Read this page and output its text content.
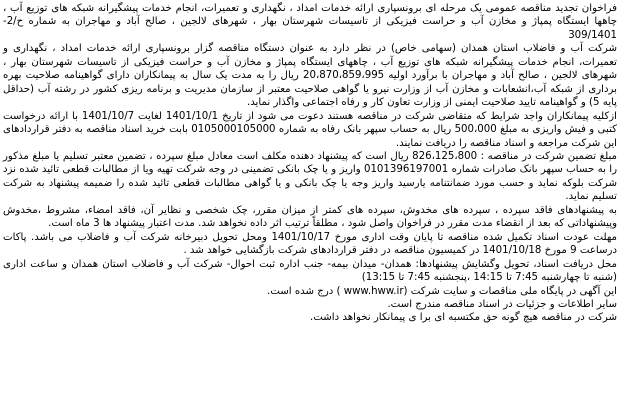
فراخوان تجدید مناقصه عمومی یک مرحله ای برونسپاری ارائه خدمات امداد ، نگهداری و تعمیرات، انجام خدمات پیشگیرانه شبکه های توزیع آب ، چاهها ایستگاه پمپاژ و مخازن آب و حراست فیزیکی از تاسیسات شهرستان بهار ، شهرهای لالجین ، صالح آباد و مهاجران به شماره ح/2-309/1401

شرکت آب و فاضلاب استان همدان (سهامی خاص) در نظر دارد به عنوان دستگاه مناقصه گزار برونسپاری ارائه خدمات امداد ، نگهداری و تعمیرات، انجام خدمات پیشگیرانه شبکه های توزیع آب ، چاههای ایستگاه پمپاژ و مخازن آب و حراست فیزیکی از تاسیسات شهرستان بهار ، شهرهای لالجین ، صالح آباد و مهاجران با برآورد اولیه 20،870،859،995 ریال را به مدت یک سال به پیمانکاران دارای گواهینامه صلاحیت بهره برداری از شبکه آب،انشعابات و مخازن آب از وزارت نیرو یا گواهی صلاحیت معتبر از سازمان مدیریت و برنامه ریزی کشور در رشته آب (حداقل پایه 5) و گواهینامه تایید صلاحیت ایمنی از وزارت تعاون کار و رفاه اجتماعی واگذار نماید.

ازکلیه پیمانکاران واجد شرایط که متقاضی شرکت در مناقصه هستند دعوت می شود از تاریخ 1401/10/1 لغایت 1401/10/7 با ارائه درخواست کتبی و فیش واریزی به مبلغ 500،000 ریال به حساب سپهر بانک رفاه به شماره 0105000105000 بابت خرید اسناد مناقصه به دفتر قراردادهای این شرکت مراجعه و اسناد مناقصه را دریافت نمایند.

مبلغ تضمین شرکت در مناقصه : 826،125،800 ریال است که پیشنهاد دهنده مکلف است معادل مبلغ سپرده ، تضمین معتبر تسلیم یا مبلغ مذکور را به حساب سپهر بانک صادرات شماره 0101396197001 واریز و یا چک بانکی تضمینی در وجه شرکت تهیه ویا از مطالبات قطعی تائید شده نزد شرکت بلوکه نماید و حسب مورد ضمانتنامه یارسید واریز وجه یا چک بانکی و یا گواهی مطالبات قطعی تائید شده را ضمیمه پیشنهاد به شرکت تسلیم نماید.

به پیشنهادهای فاقد سپرده ، سپرده های مخدوش، سپرده های کمتر از میزان مقرر، چک شخصی و نظایر آن، فاقد امضاء، مشروط ،مخدوش وپیشنهاداتی که بعد از انقضاء مدت مقرر در فراخوان واصل شود ، مطلقاً ترتیب اثر داده نخواهد شد. مدت اعتبار پیشنهاد ها 3 ماه است.

مهلت عودت اسناد تکمیل شده مناقصه تا پایان وقت اداری مورخ 1401/10/17 ومحل تحویل دبیرخانه شرکت آب و فاضلاب می باشد. پاکات درساعت 9 مورخ 1401/10/18 در کمیسیون مناقصه در دفتر قراردادهای شرکت بازگشایی خواهد شد .

محل دریافت اسناد، تحویل وگشایش پیشنهادها: همدان- میدان بیمه- جنب اداره ثبت احوال- شرکت آب و فاضلاب استان همدان و ساعت اداری (شنبه تا چهارشنبه 7:45 تا 14:15 ،پنجشنبه 7:45 تا 13:15)

این آگهی در پایگاه ملی مناقصات و سایت شرکت (www.hww.ir ) درج شده است.

سایر اطلاعات و جزئیات در اسناد مناقصه مندرج است.

شرکت در مناقصه هیچ گونه حق مکتسبه ای برا ی پیمانکار نخواهد داشت.
